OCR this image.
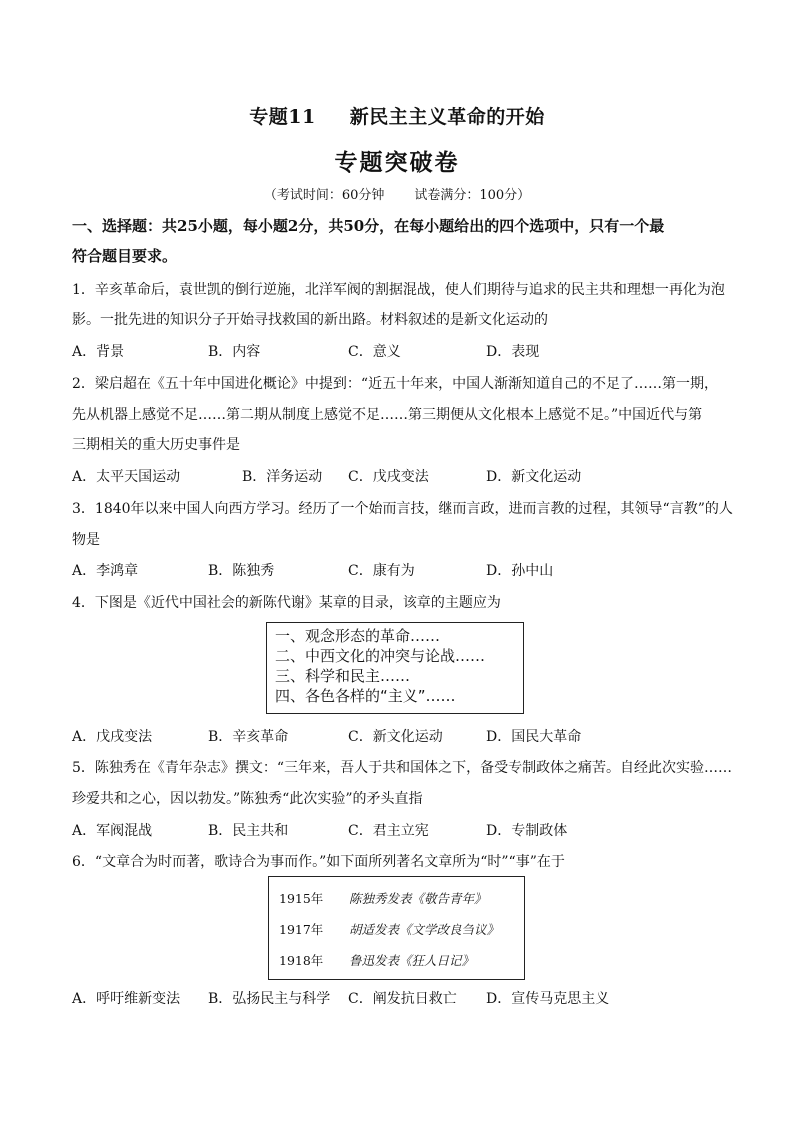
专题11 新民主主义革命的开始
专题突破卷
（考试时间：60分钟 试卷满分：100分）
一、选择题：共25小题，每小题2分，共50分，在每小题给出的四个选项中，只有一个最
符合题目要求。
1．辛亥革命后，袁世凯的倒行逆施，北洋军阀的割据混战，使人们期待与追求的民主共和理想一再化为泡
影。一批先进的知识分子开始寻找救国的新出路。材料叙述的是新文化运动的
A．背景	B．内容	C．意义	D．表现
2．梁启超在《五十年中国进化概论》中提到：“近五十年来，中国人渐渐知道自己的不足了……第一期，
先从机器上感觉不足……第二期从制度上感觉不足……第三期便从文化根本上感觉不足。”中国近代与第
三期相关的重大历史事件是
A．太平天国运动	B．洋务运动 C．戊戌变法	D．新文化运动
3．1840年以来中国人向西方学习。经历了一个始而言技，继而言政，进而言教的过程，其领导“言教”的人
物是
A．李鸿章	B．陈独秀	C．康有为	D．孙中山
4．下图是《近代中国社会的新陈代谢》某章的目录，该章的主题应为
一、观念形态的革命……
二、中西文化的冲突与论战……
三、科学和民主……
四、各色各样的“主义”……
A．戊戌变法	B．辛亥革命	C．新文化运动	D．国民大革命
5．陈独秀在《青年杂志》撰文：“三年来，吾人于共和国体之下，备受专制政体之痛苦。自经此次实验……
珍爱共和之心，因以勃发。”陈独秀“此次实验”的矛头直指
A．军阀混战	B．民主共和	C．君主立宪	D．专制政体
6．“文章合为时而著，歌诗合为事而作。”如下面所列著名文章所为“时”“事”在于
1915年 陈独秀发表《敬告青年》
1917年 胡适发表《文学改良刍议》
1918年 鲁迅发表《狂人日记》
A．呼吁维新变法 B．弘扬民主与科学 C．阐发抗日救亡 D．宣传马克思主义
